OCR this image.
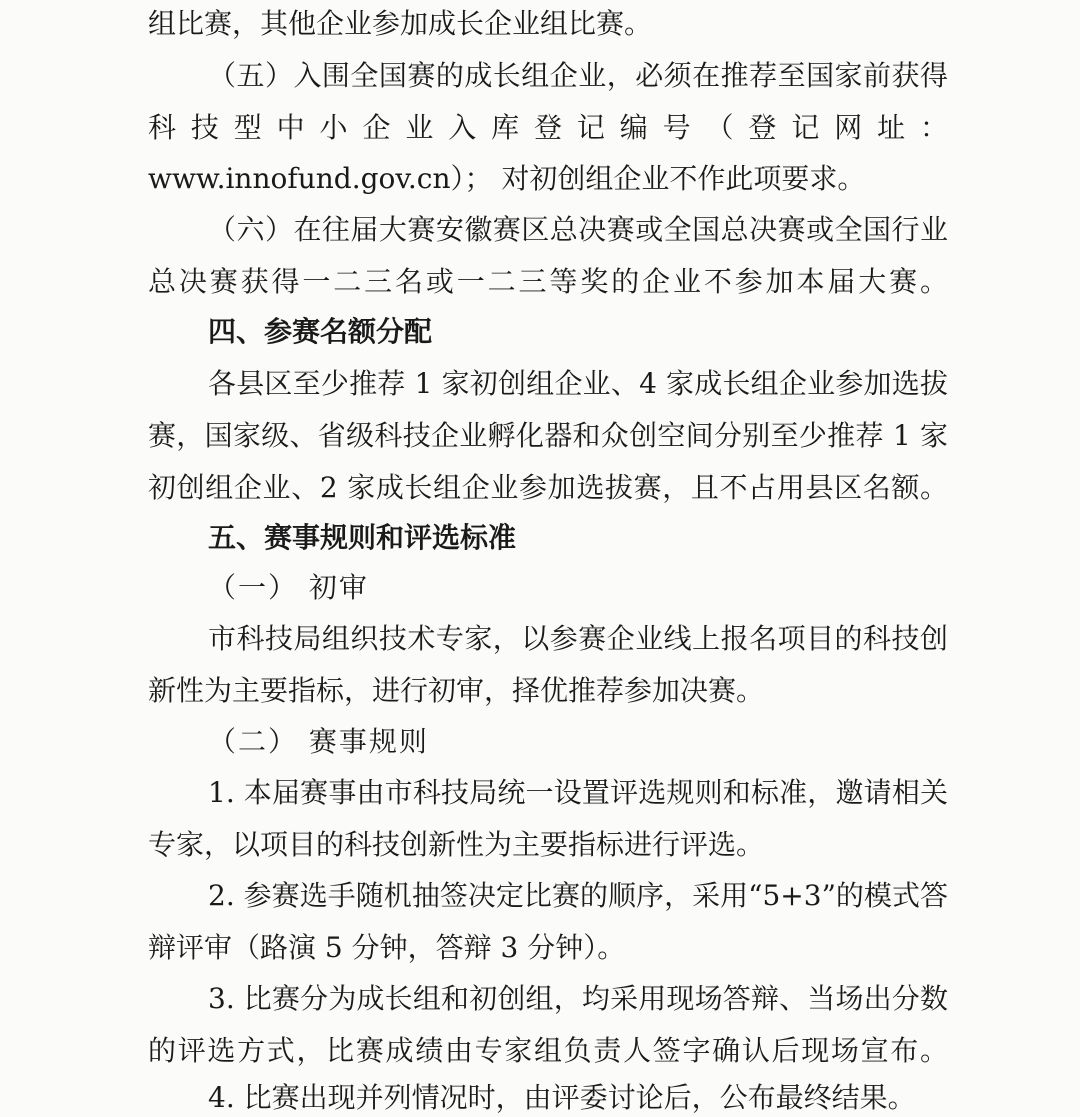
组比赛，其他企业参加成长企业组比赛。
（五）入围全国赛的成长组企业，必须在推荐至国家前获得
科 技 型 中 小 企 业 入 库 登 记 编 号 （ 登 记 网 址 ：
www.innofund.gov.cn）； 对初创组企业不作此项要求。
（六）在往届大赛安徽赛区总决赛或全国总决赛或全国行业
总决赛获得一二三名或一二三等奖的企业不参加本届大赛。
四、参赛名额分配
各县区至少推荐 1 家初创组企业、4 家成长组企业参加选拔
赛，国家级、省级科技企业孵化器和众创空间分别至少推荐 1 家
初创组企业、2 家成长组企业参加选拔赛，且不占用县区名额。
五、赛事规则和评选标准
（一） 初审
市科技局组织技术专家，以参赛企业线上报名项目的科技创
新性为主要指标，进行初审，择优推荐参加决赛。
（二） 赛事规则
1. 本届赛事由市科技局统一设置评选规则和标准，邀请相关
专家，以项目的科技创新性为主要指标进行评选。
2. 参赛选手随机抽签决定比赛的顺序，采用“5+3”的模式答
辩评审（路演 5 分钟，答辩 3 分钟）。
3. 比赛分为成长组和初创组，均采用现场答辩、当场出分数
的评选方式，比赛成绩由专家组负责人签字确认后现场宣布。
4. 比赛出现并列情况时，由评委讨论后，公布最终结果。
